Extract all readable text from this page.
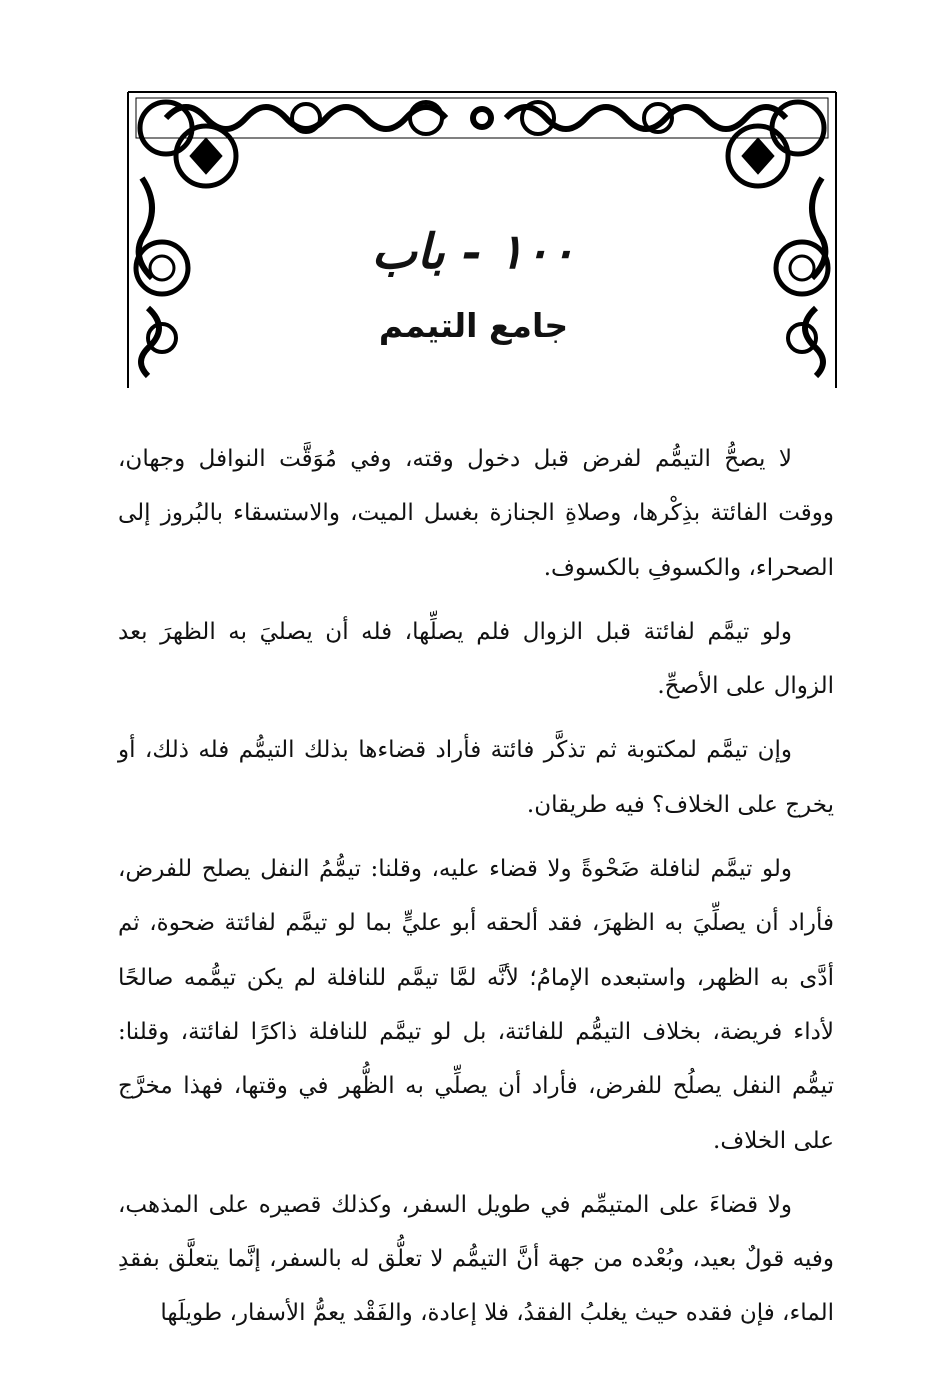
١٠٠ - باب
جامع التيمم

لا يصحُّ التيمُّم لفرض قبل دخول وقته، وفي مُوَقَّت النوافل وجهان، ووقت الفائتة بذِكْرها، وصلاةِ الجنازة بغسل الميت، والاستسقاء بالبُروز إلى الصحراء، والكسوفِ بالكسوف.

ولو تيمَّم لفائتة قبل الزوال فلم يصلِّها، فله أن يصليَ به الظهرَ بعد الزوال على الأصحِّ.

وإن تيمَّم لمكتوبة ثم تذكَّر فائتة فأراد قضاءها بذلك التيمُّم فله ذلك، أو يخرج على الخلاف؟ فيه طريقان.

ولو تيمَّم لنافلة ضَحْوةً ولا قضاء عليه، وقلنا: تيمُّمُ النفل يصلح للفرض، فأراد أن يصلِّيَ به الظهرَ، فقد ألحقه أبو عليٍّ بما لو تيمَّم لفائتة ضحوة، ثم أدَّى به الظهر، واستبعده الإمامُ؛ لأنَّه لمَّا تيمَّم للنافلة لم يكن تيمُّمه صالحًا لأداء فريضة، بخلاف التيمُّم للفائتة، بل لو تيمَّم للنافلة ذاكرًا لفائتة، وقلنا: تيمُّم النفل يصلُح للفرض، فأراد أن يصلِّي به الظُّهر في وقتها، فهذا مخرَّج على الخلاف.

ولا قضاءَ على المتيمِّم في طويل السفر، وكذلك قصيره على المذهب، وفيه قولٌ بعيد، وبُعْده من جهة أنَّ التيمُّم لا تعلُّق له بالسفر، إنَّما يتعلَّق بفقدِ الماء، فإن فقده حيث يغلبُ الفقدُ، فلا إعادة، والفَقْد يعمُّ الأسفار، طويلَها
